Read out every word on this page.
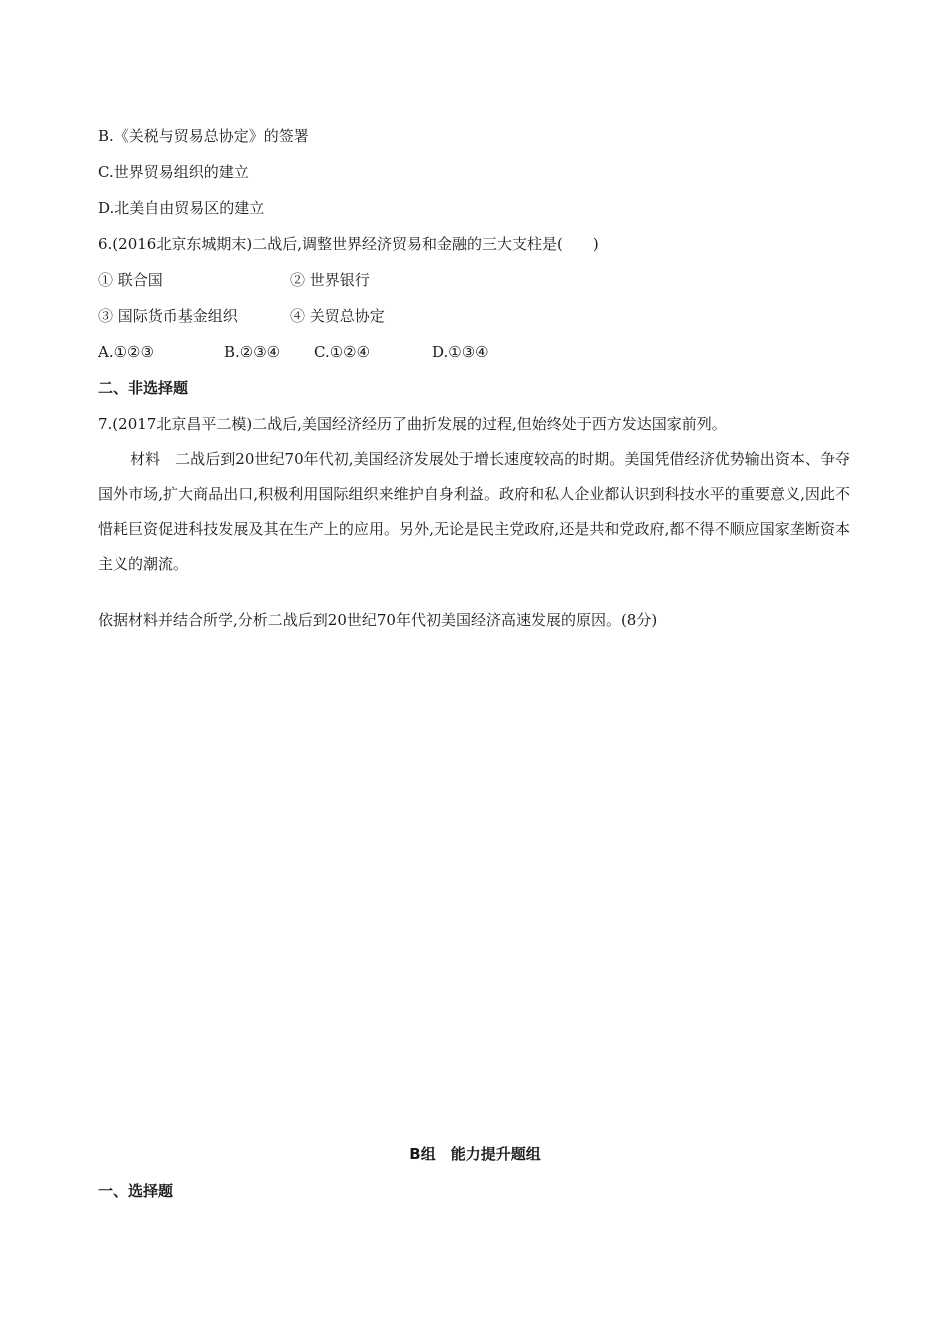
B.《关税与贸易总协定》的签署
C.世界贸易组织的建立
D.北美自由贸易区的建立
6.(2016北京东城期末)二战后,调整世界经济贸易和金融的三大支柱是(　　)
① 联合国	② 世界银行
③ 国际货币基金组织	④ 关贸总协定
A.①②③	B.②③④ C.①②④	D.①③④
二、非选择题
7.(2017北京昌平二模)二战后,美国经济经历了曲折发展的过程,但始终处于西方发达国家前列。

材料　二战后到20世纪70年代初,美国经济发展处于增长速度较高的时期。美国凭借经济优势输出资本、争夺国外市场,扩大商品出口,积极利用国际组织来维护自身利益。政府和私人企业都认识到科技水平的重要意义,因此不惜耗巨资促进科技发展及其在生产上的应用。另外,无论是民主党政府,还是共和党政府,都不得不顺应国家垄断资本主义的潮流。

依据材料并结合所学,分析二战后到20世纪70年代初美国经济高速发展的原因。(8分)
B组　能力提升题组
一、选择题
